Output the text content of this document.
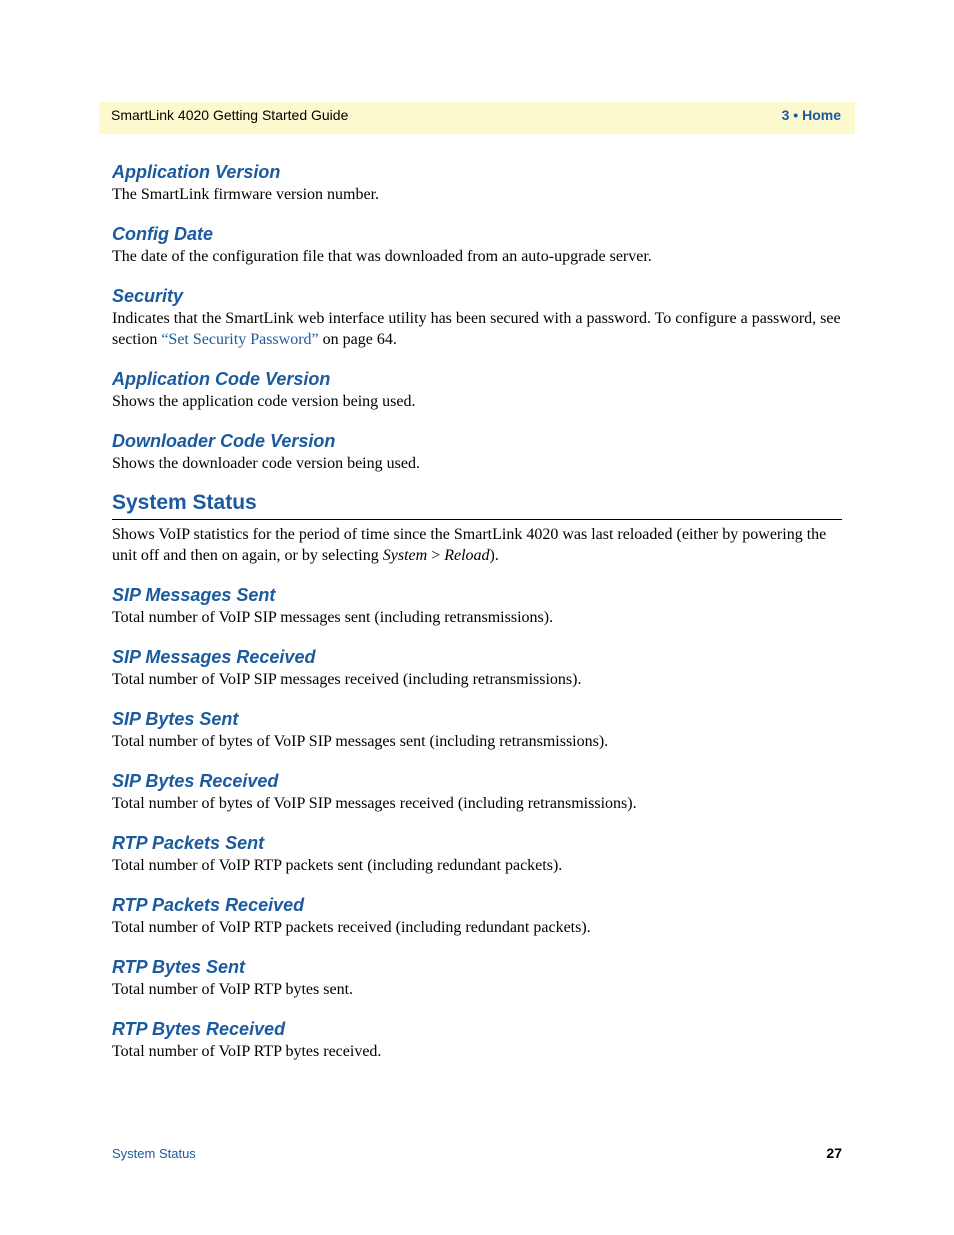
SmartLink 4020 Getting Started Guide	3 • Home

Application Version

The SmartLink firmware version number.

Config Date

The date of the configuration file that was downloaded from an auto-upgrade server.

Security

Indicates that the SmartLink web interface utility has been secured with a password. To configure a password, see section “Set Security Password” on page 64.

Application Code Version

Shows the application code version being used.

Downloader Code Version

Shows the downloader code version being used.

System Status

Shows VoIP statistics for the period of time since the SmartLink 4020 was last reloaded (either by powering the unit off and then on again, or by selecting System > Reload).

SIP Messages Sent

Total number of VoIP SIP messages sent (including retransmissions).

SIP Messages Received

Total number of VoIP SIP messages received (including retransmissions).

SIP Bytes Sent

Total number of bytes of VoIP SIP messages sent (including retransmissions).

SIP Bytes Received

Total number of bytes of VoIP SIP messages received (including retransmissions).

RTP Packets Sent

Total number of VoIP RTP packets sent (including redundant packets).

RTP Packets Received

Total number of VoIP RTP packets received (including redundant packets).

RTP Bytes Sent

Total number of VoIP RTP bytes sent.

RTP Bytes Received

Total number of VoIP RTP bytes received.

System Status	27
